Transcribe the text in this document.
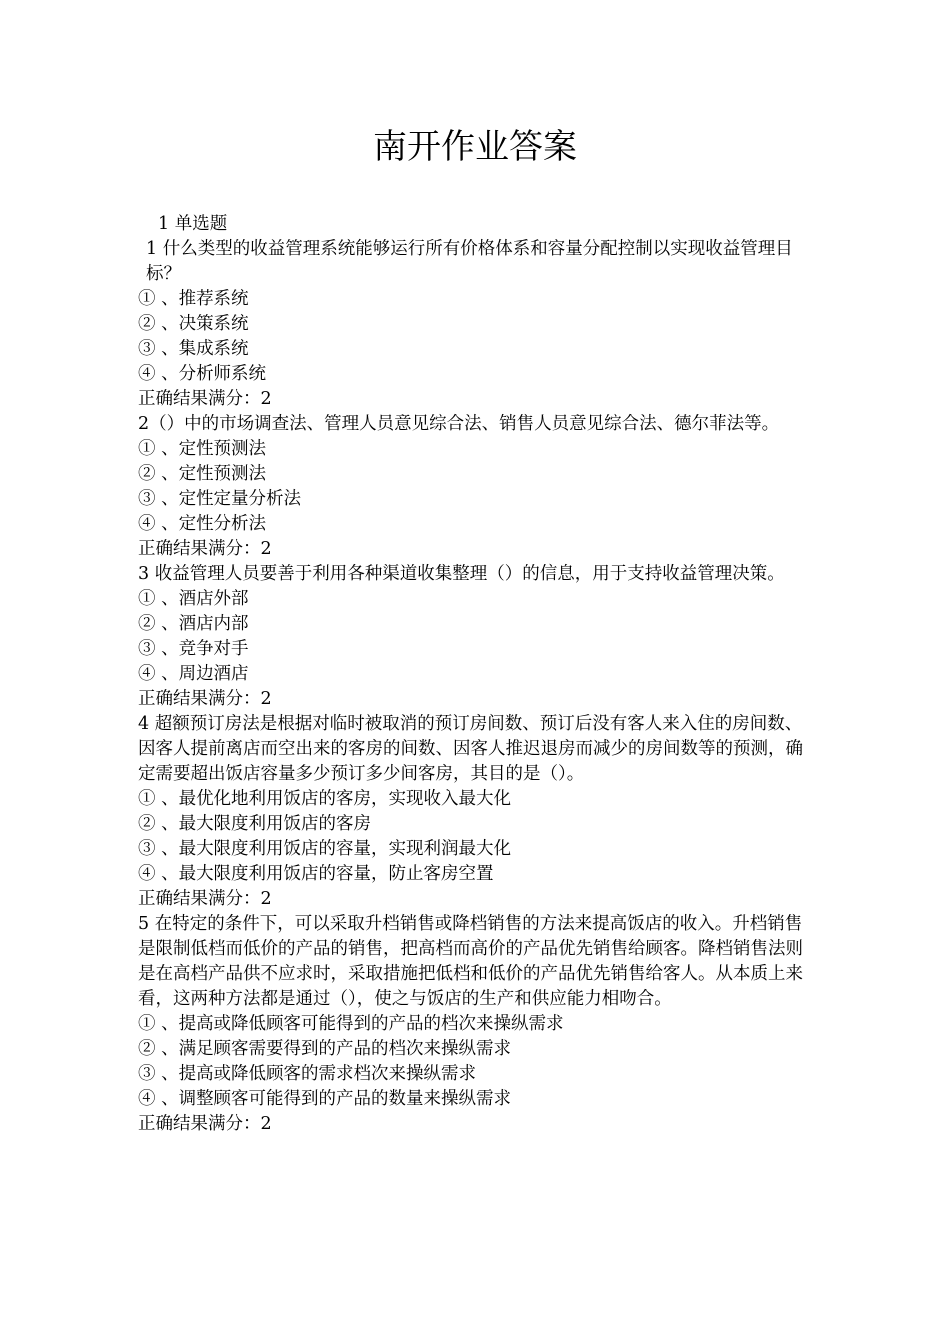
南开作业答案
1 单选题

1 什么类型的收益管理系统能够运行所有价格体系和容量分配控制以实现收益管理目标？

① 、推荐系统

② 、决策系统

③ 、集成系统

④ 、分析师系统

正确结果满分：2

2（）中的市场调查法、管理人员意见综合法、销售人员意见综合法、德尔菲法等。

① 、定性预测法

② 、定性预测法

③ 、定性定量分析法

④ 、定性分析法

正确结果满分：2

3 收益管理人员要善于利用各种渠道收集整理（）的信息，用于支持收益管理决策。

① 、酒店外部

② 、酒店内部

③ 、竞争对手

④ 、周边酒店

正确结果满分：2

4 超额预订房法是根据对临时被取消的预订房间数、预订后没有客人来入住的房间数、因客人提前离店而空出来的客房的间数、因客人推迟退房而减少的房间数等的预测，确定需要超出饭店容量多少预订多少间客房，其目的是（）。

① 、最优化地利用饭店的客房，实现收入最大化

② 、最大限度利用饭店的客房

③ 、最大限度利用饭店的容量，实现利润最大化

④ 、最大限度利用饭店的容量，防止客房空置

正确结果满分：2

5 在特定的条件下，可以采取升档销售或降档销售的方法来提高饭店的收入。升档销售是限制低档而低价的产品的销售，把高档而高价的产品优先销售给顾客。降档销售法则是在高档产品供不应求时，采取措施把低档和低价的产品优先销售给客人。从本质上来看，这两种方法都是通过（），使之与饭店的生产和供应能力相吻合。

① 、提高或降低顾客可能得到的产品的档次来操纵需求

② 、满足顾客需要得到的产品的档次来操纵需求

③ 、提高或降低顾客的需求档次来操纵需求

④ 、调整顾客可能得到的产品的数量来操纵需求

正确结果满分：2
